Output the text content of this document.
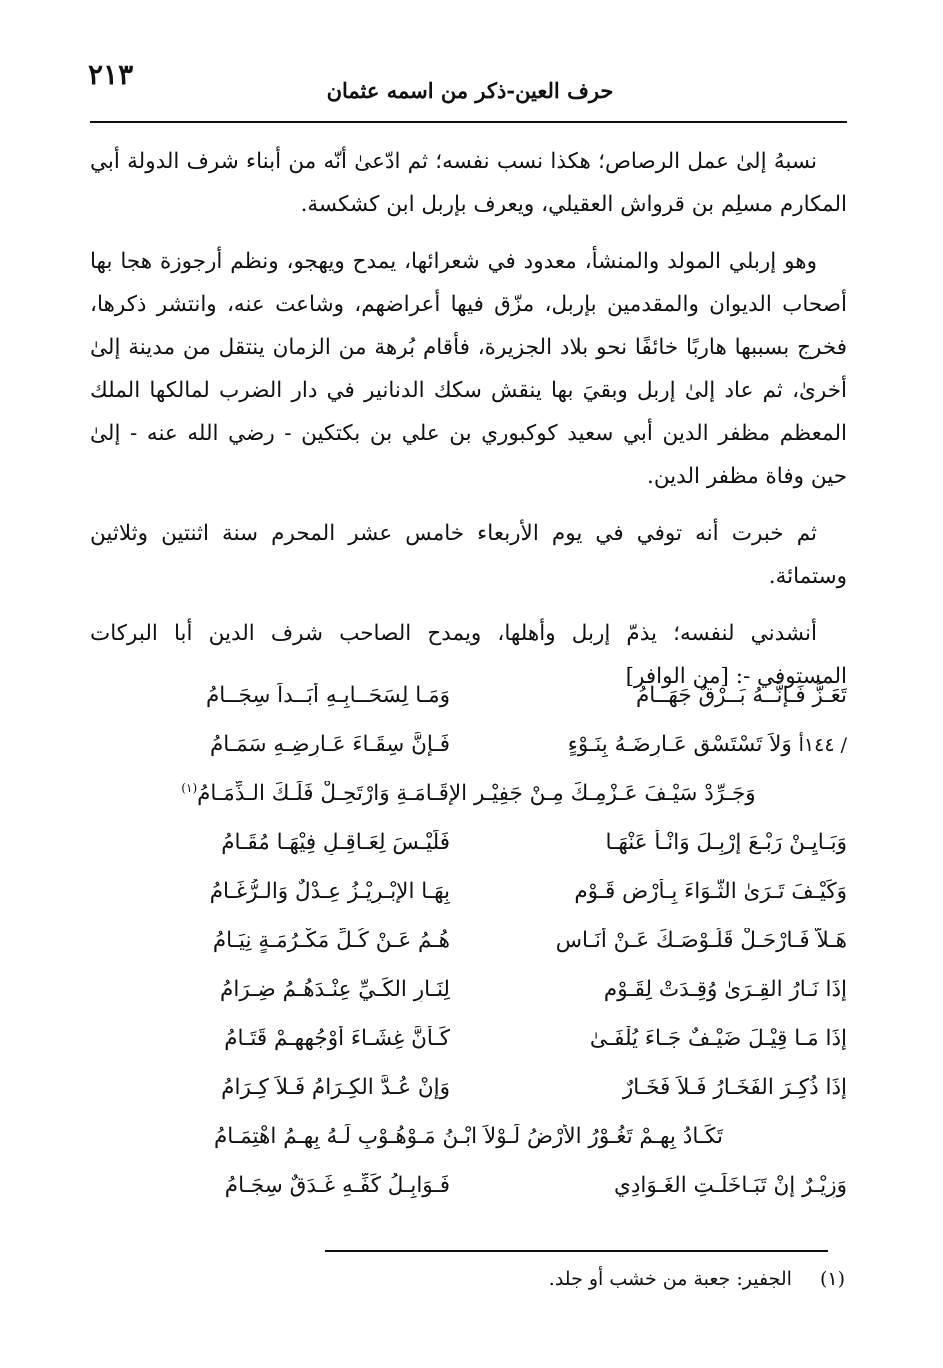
٢١٣	حرف العين-ذكر من اسمه عثمان

نسبهُ إلىٰ عمل الرصاص؛ هكذا نسب نفسه؛ ثم ادّعىٰ أنّه من أبناء شرف الدولة أبي المكارم مسلِم بن قرواش العقيلي، ويعرف بإربل ابن كشكسة.

وهو إربلي المولد والمنشأ، معدود في شعرائها، يمدح ويهجو، ونظم أرجوزة هجا بها أصحاب الديوان والمقدمين بإربل، مزّق فيها أعراضهم، وشاعت عنه، وانتشر ذكرها، فخرج بسببها هاربًا خائفًا نحو بلاد الجزيرة، فأقام بُرهة من الزمان ينتقل من مدينة إلىٰ أخرىٰ، ثم عاد إلىٰ إربل وبقيَ بها ينقش سكك الدنانير في دار الضرب لمالكها الملك المعظم مظفر الدين أبي سعيد كوكبوري بن علي بن بكتكين - رضي الله عنه - إلىٰ حين وفاة مظفر الدين.

ثم خبرت أنه توفي في يوم الأربعاء خامس عشر المحرم سنة اثنتين وثلاثين وستمائة.

أنشدني لنفسه؛ يذمّ إربل وأهلها، ويمدح الصاحب شرف الدين أبا البركات المستوفي -: [من الوافر]

تَعَـزَّ فَـإنَّــهُ بَــرْقٌ جَهَــامُ
وَمَـا لِسَحَــابِـهِ أَبَــداً سِجَــامُ
/ ١٤٤أ وَلاَ تَسْتَسْقِ عَـارِضَـهُ بِنَـوْءٍ
فَـإنَّ سِقَـاءَ عَـارِضِـهِ سَمَـامُ
وَجَـرِّدْ سَيْـفَ عَـزْمِـكَ مِـنْ جَفِيْـرِ الإقَـامَـةِ وَارْتَحِـلْ فَلَـكَ الـذِّمَـامُ$^{(١)}$
وَبَـايِـنْ رَبْـعَ إرْبِـلَ وَانْـأَ عَنْهَـا
فَلَيْـسَ لِعَـاقِـلٍ فِيْهَـا مُقَـامُ
وَكَيْـفَ تَـرَىٰ الثَّـوَاءَ بِـأَرْضِ قَـوْمٍ
بِهَـا الإبْـرِيْـزُ عِـدْلٌ وَالـرُّغَـامُ
هَـلاَّ فَـارْحَـلْ قَلُـوْصَـكَ عَـنْ أُنَـاسٍ
هُـمُ عَـنْ كُـلِّ مَكْـرُمَـةٍ نِيَـامُ
إذَا نَـارُ القِـرَىٰ وُقِـدَتْ لِقَـوْمٍ
لِنَـارِ الكَـيِّ عِنْـدَهُـمُ ضِـرَامُ
إذَا مَـا قِيْـلَ ضَيْـفٌ جَـاءَ يُلْفَـىٰ
كَـأَنَّ غِشَـاءَ أَوْجُهِهِـمْ قَتَـامُ
إذَا ذُكِـرَ الفَخَـارُ فَـلاَ فَخَـارٌ
وَإنْ عُـدَّ الكِـرَامُ فَـلاَ كِـرَامُ
تَكَـادُ بِهِـمْ تَغُـوْرُ الأَرْضُ لَـوْلاَ ابْـنُ مَـوْهُـوْبٍ لَـهُ بِهِـمُ اهْتِمَـامُ
وَزِيْـرٌ إنْ تَبَـاخَلَـتِ الغَـوَادِي
فَـوَابِـلُ كَفِّـهِ غَـدَقٌ سِجَـامُ
(١) الجفير: جعبة من خشب أو جلد.
